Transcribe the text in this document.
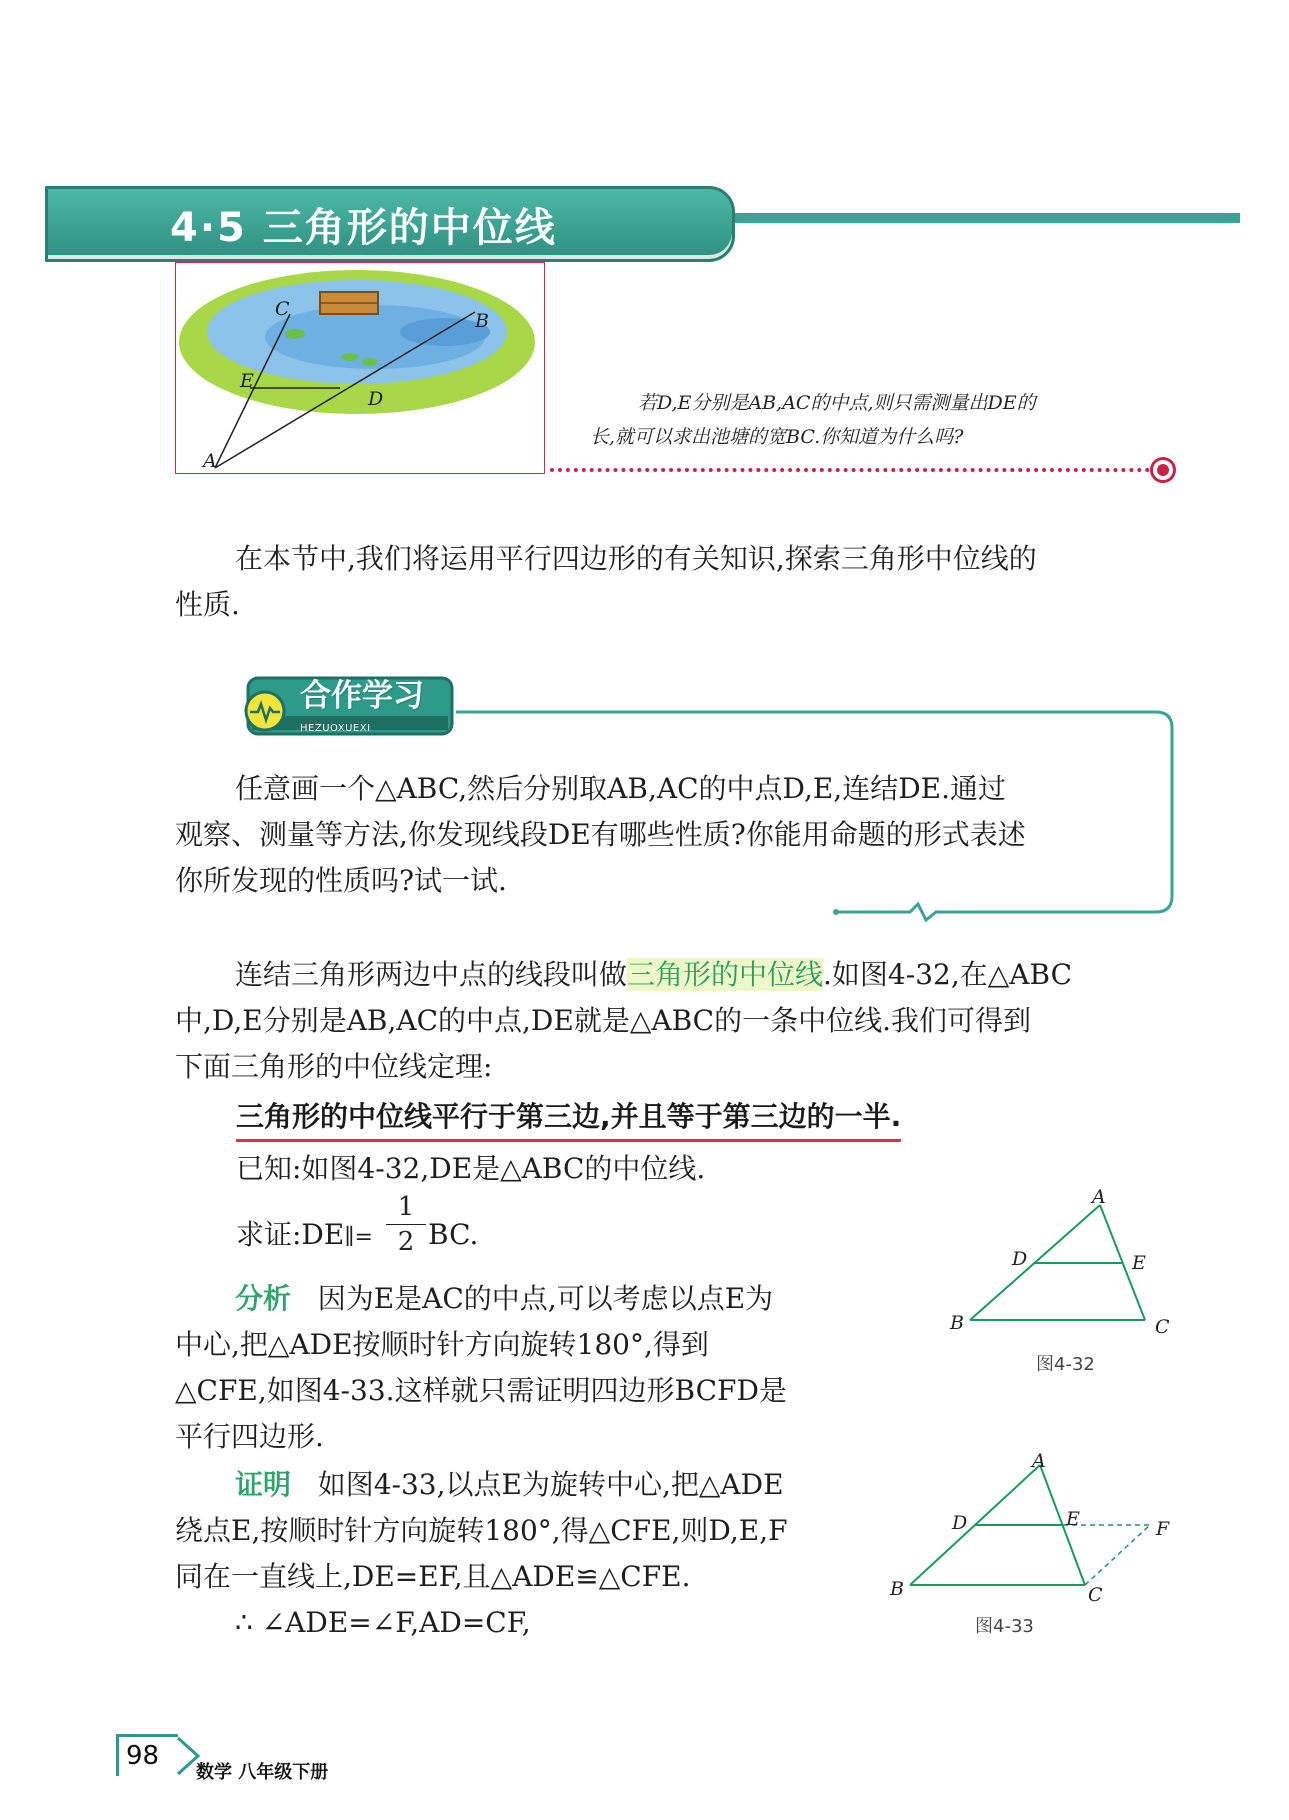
4·5 三角形的中位线
C
B
E
D
A
若D,E分别是AB,AC的中点,则只需测量出DE的
长,就可以求出池塘的宽BC.你知道为什么吗?
在本节中,我们将运用平行四边形的有关知识,探索三角形中位线的
性质.
合作学习
HEZUOXUEXI
任意画一个△ABC,然后分别取AB,AC的中点D,E,连结DE.通过
观察、测量等方法,你发现线段DE有哪些性质?你能用命题的形式表述
你所发现的性质吗?试一试.
连结三角形两边中点的线段叫做三角形的中位线.如图4-32,在△ABC
中,D,E分别是AB,AC的中点,DE就是△ABC的一条中位线.我们可得到
下面三角形的中位线定理:
三角形的中位线平行于第三边,并且等于第三边的一半.
已知:如图4-32,DE是△ABC的中位线.
求证:DE∥= $\frac{1}{2}$ BC.
分析 因为E是AC的中点,可以考虑以点E为
中心,把△ADE按顺时针方向旋转180°,得到
△CFE,如图4-33.这样就只需证明四边形BCFD是
平行四边形.
证明 如图4-33,以点E为旋转中心,把△ADE
绕点E,按顺时针方向旋转180°,得△CFE,则D,E,F
同在一直线上,DE=EF,且△ADE≌△CFE.
∴ ∠ADE=∠F,AD=CF,
A
D	E
B	C
图4-32
A
D	E	F
B	C
图4-33
98
数学 八年级下册
